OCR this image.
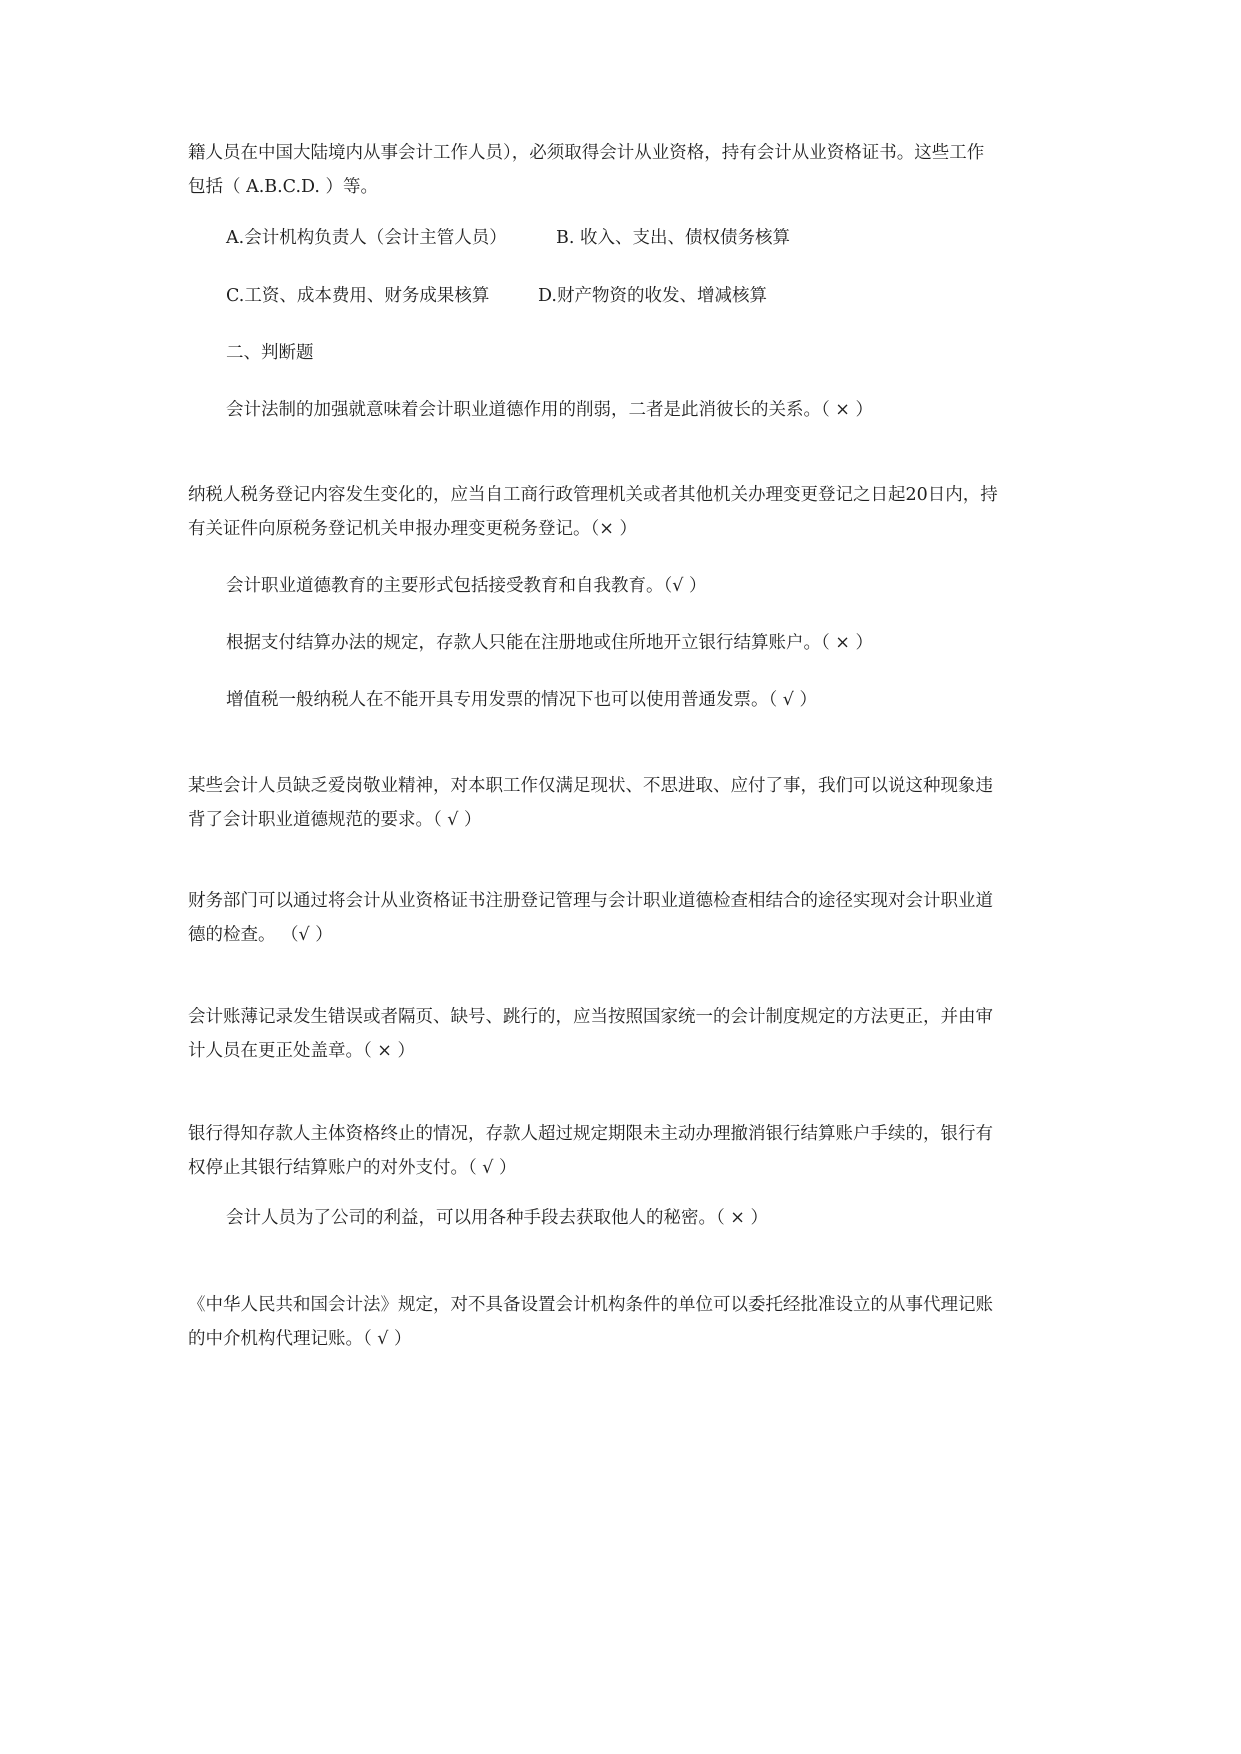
籍人员在中国大陆境内从事会计工作人员），必须取得会计从业资格，持有会计从业资格证书。这些工作
包括（ A.B.C.D. ）等。

A.会计机构负责人（会计主管人员）	B. 收入、支出、债权债务核算

C.工资、成本费用、财务成果核算	D.财产物资的收发、增减核算

二、判断题

会计法制的加强就意味着会计职业道德作用的削弱，二者是此消彼长的关系。（ × ）

纳税人税务登记内容发生变化的，应当自工商行政管理机关或者其他机关办理变更登记之日起20日内，持
有关证件向原税务登记机关申报办理变更税务登记。（× ）

会计职业道德教育的主要形式包括接受教育和自我教育。（√ ）

根据支付结算办法的规定，存款人只能在注册地或住所地开立银行结算账户。（ × ）

增值税一般纳税人在不能开具专用发票的情况下也可以使用普通发票。（ √ ）

某些会计人员缺乏爱岗敬业精神，对本职工作仅满足现状、不思进取、应付了事，我们可以说这种现象违
背了会计职业道德规范的要求。（ √ ）

财务部门可以通过将会计从业资格证书注册登记管理与会计职业道德检查相结合的途径实现对会计职业道
德的检查。 （√ ）

会计账薄记录发生错误或者隔页、缺号、跳行的，应当按照国家统一的会计制度规定的方法更正，并由审
计人员在更正处盖章。（ × ）

银行得知存款人主体资格终止的情况，存款人超过规定期限未主动办理撤消银行结算账户手续的，银行有
权停止其银行结算账户的对外支付。（ √ ）

会计人员为了公司的利益，可以用各种手段去获取他人的秘密。（ × ）

《中华人民共和国会计法》规定，对不具备设置会计机构条件的单位可以委托经批准设立的从事代理记账
的中介机构代理记账。（ √ ）
